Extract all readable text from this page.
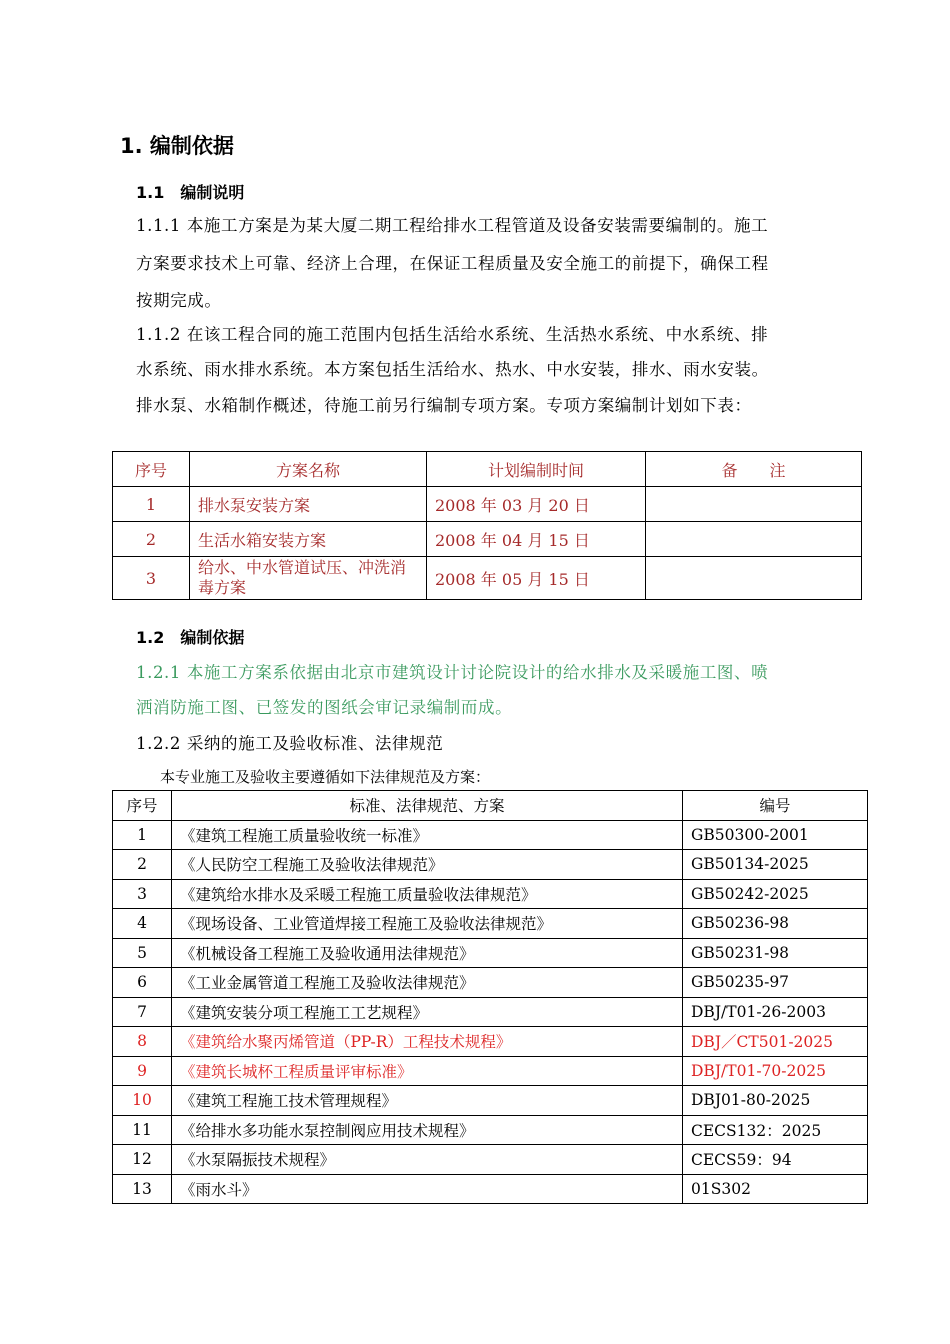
1. 编制依据
1.1　编制说明
1.1.1 本施工方案是为某大厦二期工程给排水工程管道及设备安装需要编制的。施工
方案要求技术上可靠、经济上合理，在保证工程质量及安全施工的前提下，确保工程
按期完成。
1.1.2 在该工程合同的施工范围内包括生活给水系统、生活热水系统、中水系统、排
水系统、雨水排水系统。本方案包括生活给水、热水、中水安装，排水、雨水安装。
排水泵、水箱制作概述，待施工前另行编制专项方案。专项方案编制计划如下表：
序号	方案名称	计划编制时间	备　　注
1	排水泵安装方案	2008 年 03 月 20 日	
2	生活水箱安装方案	2008 年 04 月 15 日	
3	给水、中水管道试压、冲洗消毒方案	2008 年 05 月 15 日	
1.2　编制依据
1.2.1 本施工方案系依据由北京市建筑设计讨论院设计的给水排水及采暖施工图、喷
洒消防施工图、已签发的图纸会审记录编制而成。
1.2.2 采纳的施工及验收标准、法律规范
本专业施工及验收主要遵循如下法律规范及方案：
序号	标准、法律规范、方案	编号
1	《建筑工程施工质量验收统一标准》	GB50300-2001
2	《人民防空工程施工及验收法律规范》	GB50134-2025
3	《建筑给水排水及采暖工程施工质量验收法律规范》	GB50242-2025
4	《现场设备、工业管道焊接工程施工及验收法律规范》	GB50236-98
5	《机械设备工程施工及验收通用法律规范》	GB50231-98
6	《工业金属管道工程施工及验收法律规范》	GB50235-97
7	《建筑安装分项工程施工工艺规程》	DBJ/T01-26-2003
8	《建筑给水聚丙烯管道（PP-R）工程技术规程》	DBJ／CT501-2025
9	《建筑长城杯工程质量评审标准》	DBJ/T01-70-2025
10	《建筑工程施工技术管理规程》	DBJ01-80-2025
11	《给排水多功能水泵控制阀应用技术规程》	CECS132：2025
12	《水泵隔振技术规程》	CECS59：94
13	《雨水斗》	01S302
